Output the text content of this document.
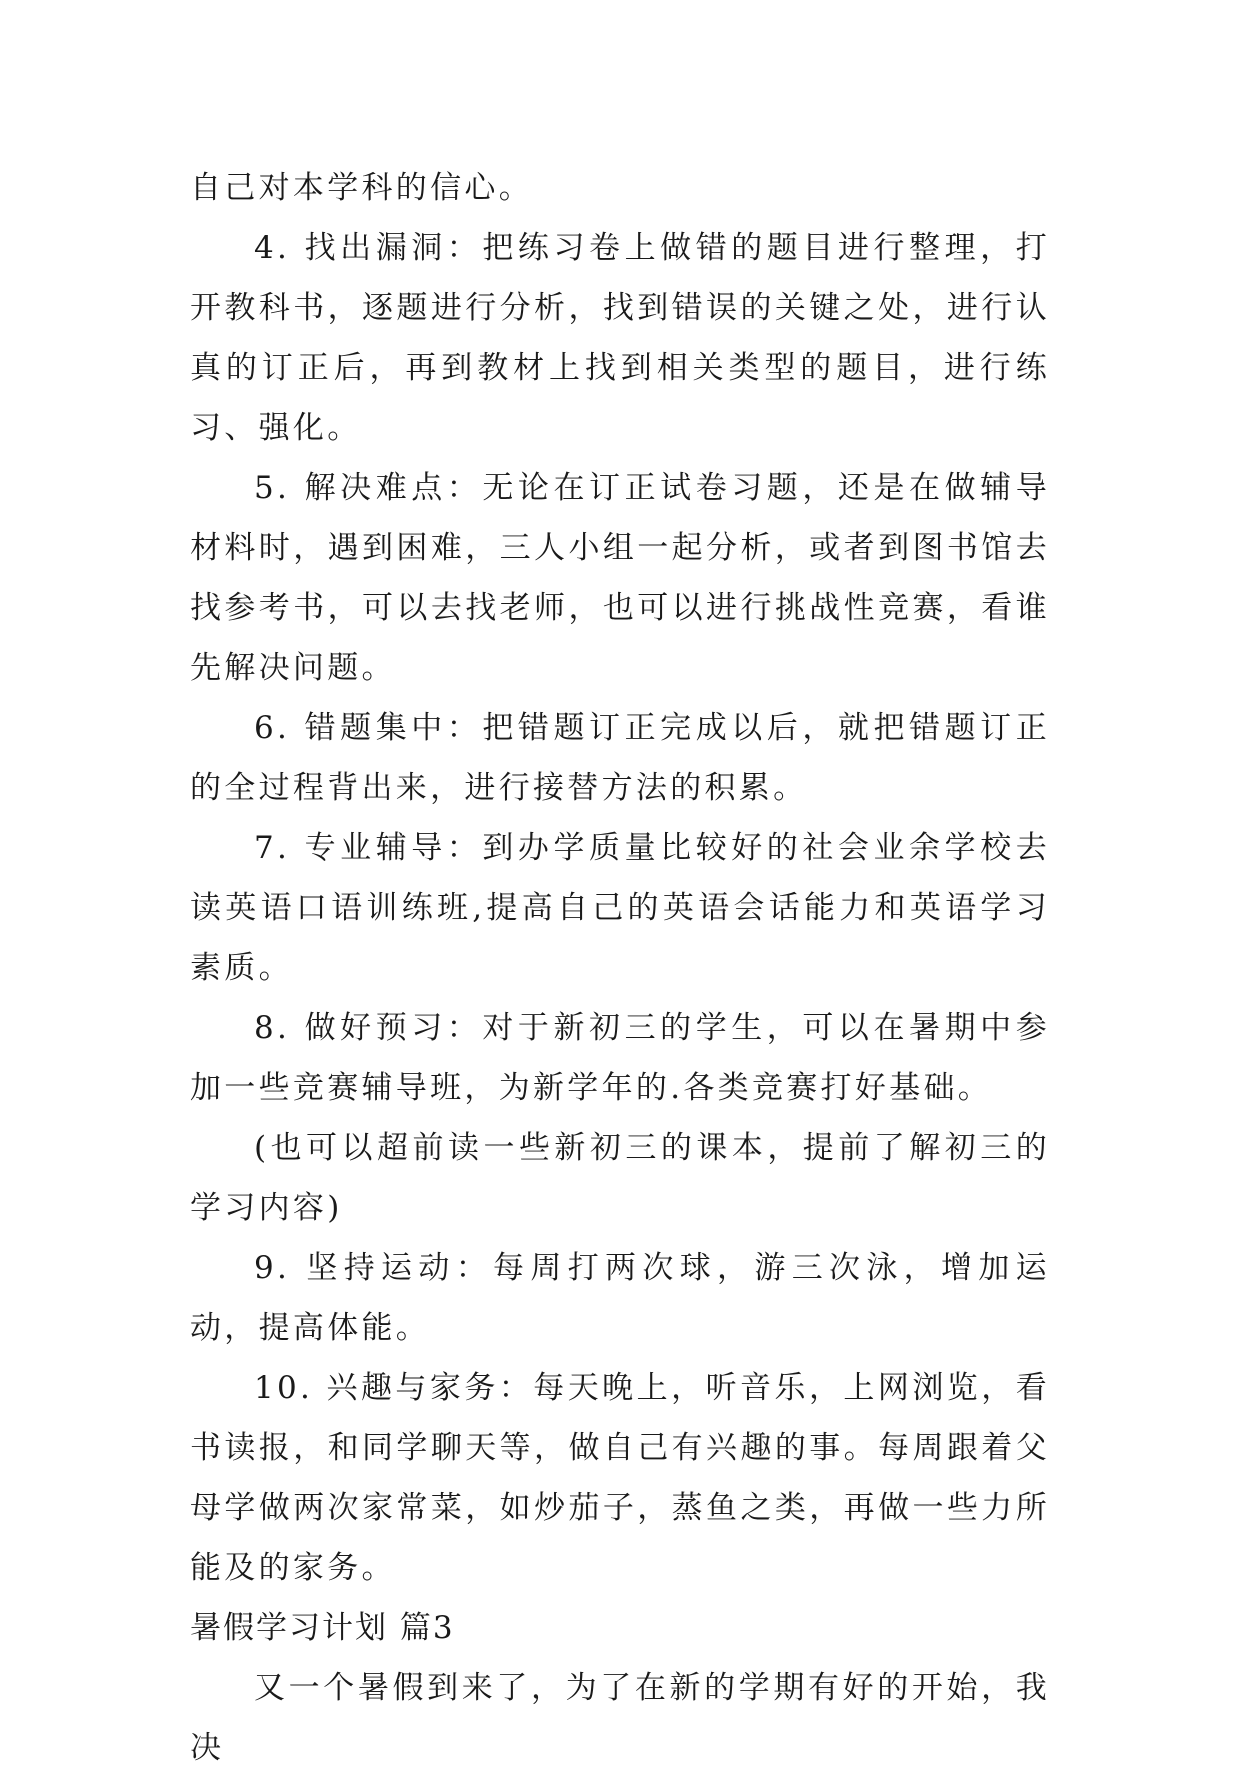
自己对本学科的信心。

4. 找出漏洞：把练习卷上做错的题目进行整理，打开教科书，逐题进行分析，找到错误的关键之处，进行认真的订正后，再到教材上找到相关类型的题目，进行练习、强化。

5. 解决难点：无论在订正试卷习题，还是在做辅导材料时，遇到困难，三人小组一起分析，或者到图书馆去找参考书，可以去找老师，也可以进行挑战性竞赛，看谁先解决问题。

6. 错题集中：把错题订正完成以后，就把错题订正的全过程背出来，进行接替方法的积累。

7. 专业辅导：到办学质量比较好的社会业余学校去读英语口语训练班,提高自己的英语会话能力和英语学习素质。

8. 做好预习：对于新初三的学生，可以在暑期中参加一些竞赛辅导班，为新学年的.各类竞赛打好基础。

(也可以超前读一些新初三的课本，提前了解初三的学习内容)

9. 坚持运动：每周打两次球，游三次泳，增加运动，提高体能。

10. 兴趣与家务：每天晚上，听音乐，上网浏览，看书读报，和同学聊天等，做自己有兴趣的事。每周跟着父母学做两次家常菜，如炒茄子，蒸鱼之类，再做一些力所能及的家务。

暑假学习计划 篇3

又一个暑假到来了，为了在新的学期有好的开始，我决
